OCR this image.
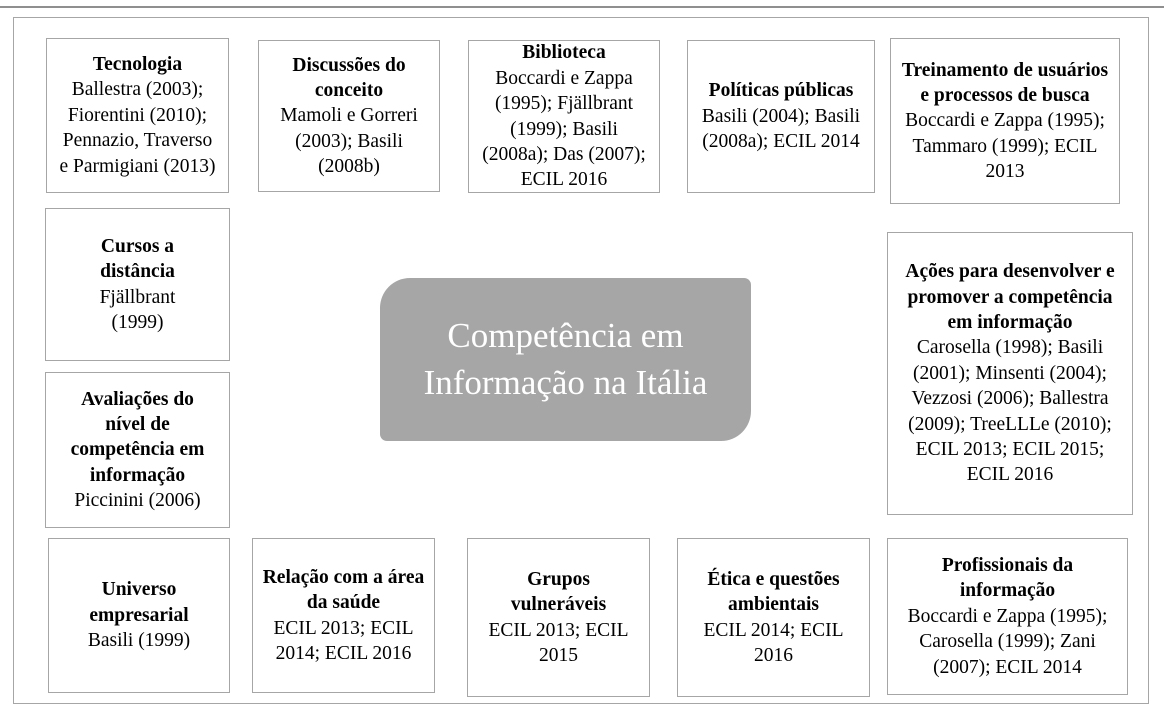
Tecnologia
Ballestra (2003); Fiorentini (2010); Pennazio, Traverso e Parmigiani (2013)
Discussões do conceito
Mamoli e Gorreri (2003); Basili (2008b)
Biblioteca
Boccardi e Zappa (1995); Fjällbrant (1999); Basili (2008a); Das (2007); ECIL 2016
Políticas públicas
Basili (2004); Basili (2008a); ECIL 2014
Treinamento de usuários e processos de busca
Boccardi e Zappa (1995); Tammaro (1999); ECIL 2013
Cursos a distância
Fjällbrant (1999)
Avaliações do nível de competência em informação
Piccinini (2006)
Ações para desenvolver e promover a competência em informação
Carosella (1998); Basili (2001); Minsenti (2004); Vezzosi (2006); Ballestra (2009); TreeLLLe (2010); ECIL 2013; ECIL 2015; ECIL 2016
Universo empresarial
Basili (1999)
Relação com a área da saúde
ECIL 2013; ECIL 2014; ECIL 2016
Grupos vulneráveis
ECIL 2013; ECIL 2015
Ética e questões ambientais
ECIL 2014; ECIL 2016
Profissionais da informação
Boccardi e Zappa (1995); Carosella (1999); Zani (2007); ECIL 2014
Competência em Informação na Itália
